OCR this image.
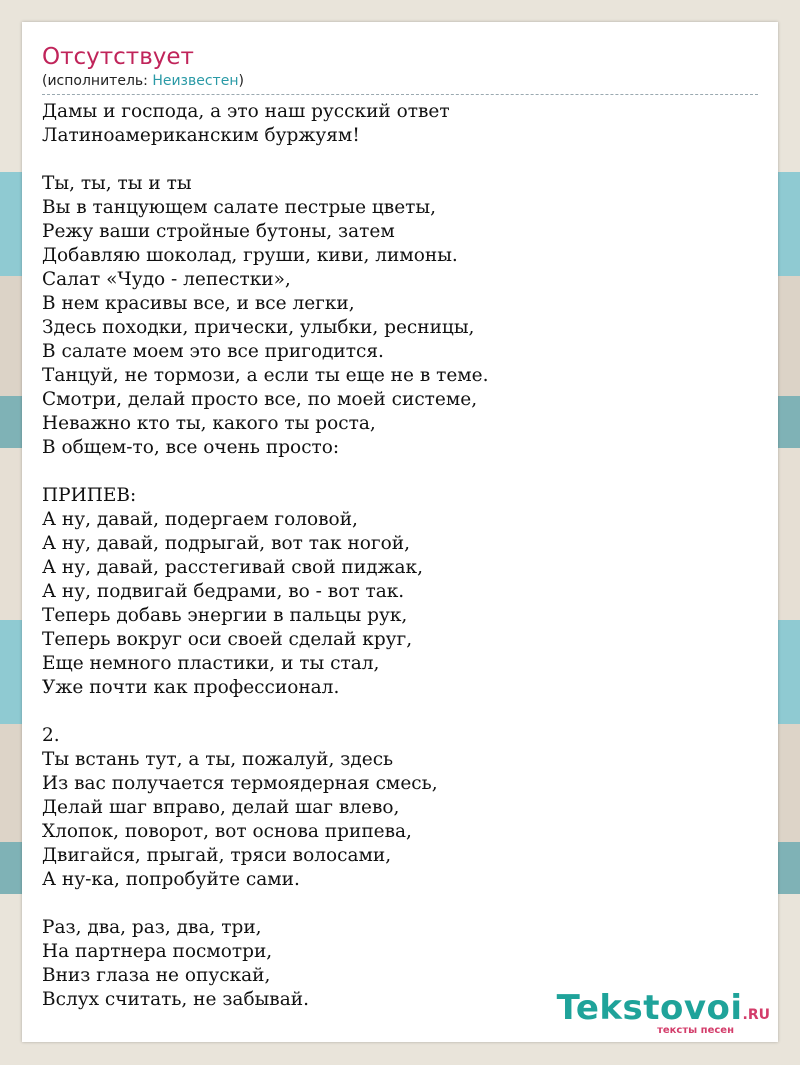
Отсутствует
(исполнитель: Неизвестен)
Дамы и господа, а это наш русский ответ
Латиноамериканским буржуям!
Ты, ты, ты и ты
Вы в танцующем салате пестрые цветы,
Режу ваши стройные бутоны, затем
Добавляю шоколад, груши, киви, лимоны.
Салат «Чудо - лепестки»,
В нем красивы все, и все легки,
Здесь походки, прически, улыбки, ресницы,
В салате моем это все пригодится.
Танцуй, не тормози, а если ты еще не в теме.
Смотри, делай просто все, по моей системе,
Неважно кто ты, какого ты роста,
В общем-то, все очень просто:
ПРИПЕВ:
А ну, давай, подергаем головой,
А ну, давай, подрыгай, вот так ногой,
А ну, давай, расстегивай свой пиджак,
А ну, подвигай бедрами, во - вот так.
Теперь добавь энергии в пальцы рук,
Теперь вокруг оси своей сделай круг,
Еще немного пластики, и ты стал,
Уже почти как профессионал.
2.
Ты встань тут, а ты, пожалуй, здесь
Из вас получается термоядерная смесь,
Делай шаг вправо, делай шаг влево,
Хлопок, поворот, вот основа припева,
Двигайся, прыгай, тряси волосами,
А ну-ка, попробуйте сами.
Раз, два, раз, два, три,
На партнера посмотри,
Вниз глаза не опускай,
Вслух считать, не забывай.	Tekstovoi.RU
тексты песен
